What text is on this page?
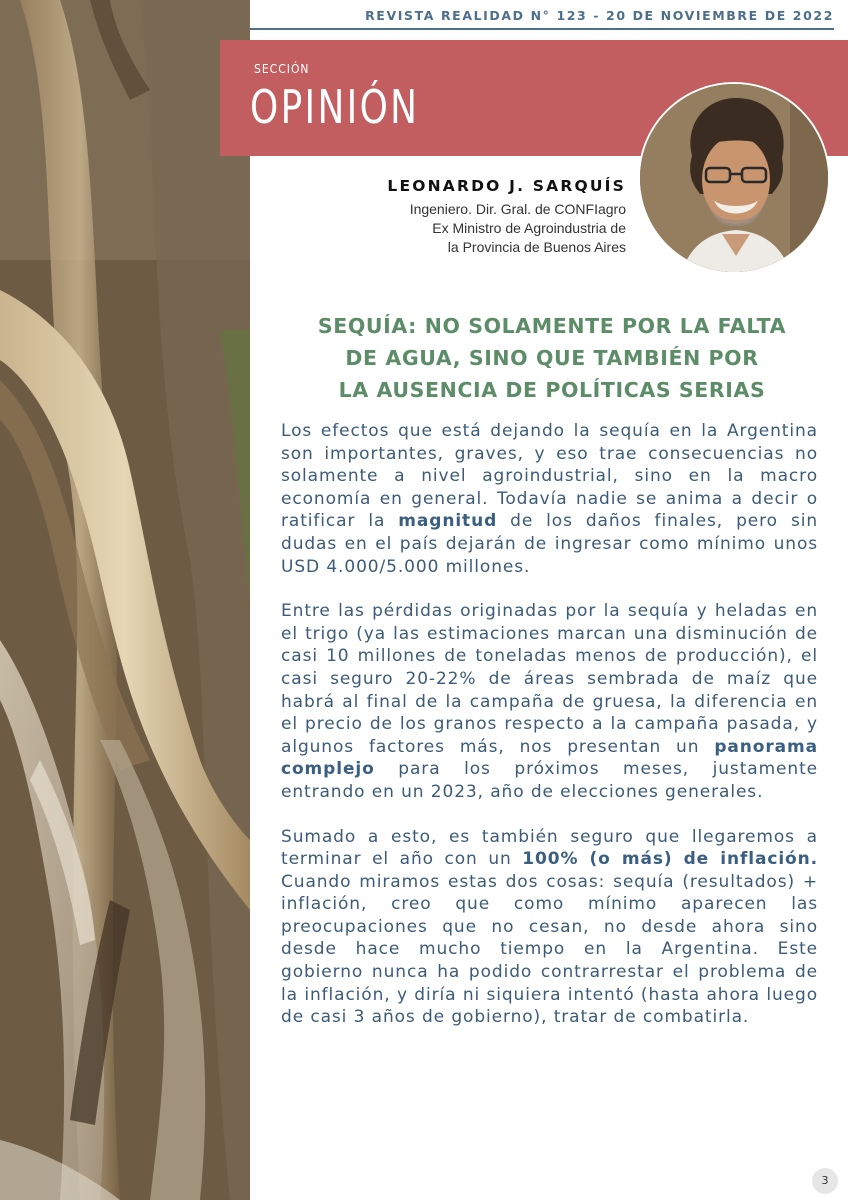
REVISTA REALIDAD N° 123 - 20 DE NOVIEMBRE DE 2022
SECCIÓN
OPINIÓN
LEONARDO J. SARQUÍS
Ingeniero. Dir. Gral. de CONFIagro
Ex Ministro de Agroindustria de
la Provincia de Buenos Aires
SEQUÍA: NO SOLAMENTE POR LA FALTA
DE AGUA, SINO QUE TAMBIÉN POR
LA AUSENCIA DE POLÍTICAS SERIAS

Los efectos que está dejando la sequía en la Argentina son importantes, graves, y eso trae consecuencias no solamente a nivel agroindustrial, sino en la macro economía en general. Todavía nadie se anima a decir o ratificar la magnitud de los daños finales, pero sin dudas en el país dejarán de ingresar como mínimo unos USD 4.000/5.000 millones.

Entre las pérdidas originadas por la sequía y heladas en el trigo (ya las estimaciones marcan una disminución de casi 10 millones de toneladas menos de producción), el casi seguro 20-22% de áreas sembrada de maíz que habrá al final de la campaña de gruesa, la diferencia en el precio de los granos respecto a la campaña pasada, y algunos factores más, nos presentan un panorama complejo para los próximos meses, justamente entrando en un 2023, año de elecciones generales.

Sumado a esto, es también seguro que llegaremos a terminar el año con un 100% (o más) de inflación. Cuando miramos estas dos cosas: sequía (resultados) + inflación, creo que como mínimo aparecen las preocupaciones que no cesan, no desde ahora sino desde hace mucho tiempo en la Argentina. Este gobierno nunca ha podido contrarrestar el problema de la inflación, y diría ni siquiera intentó (hasta ahora luego de casi 3 años de gobierno), tratar de combatirla.

3
